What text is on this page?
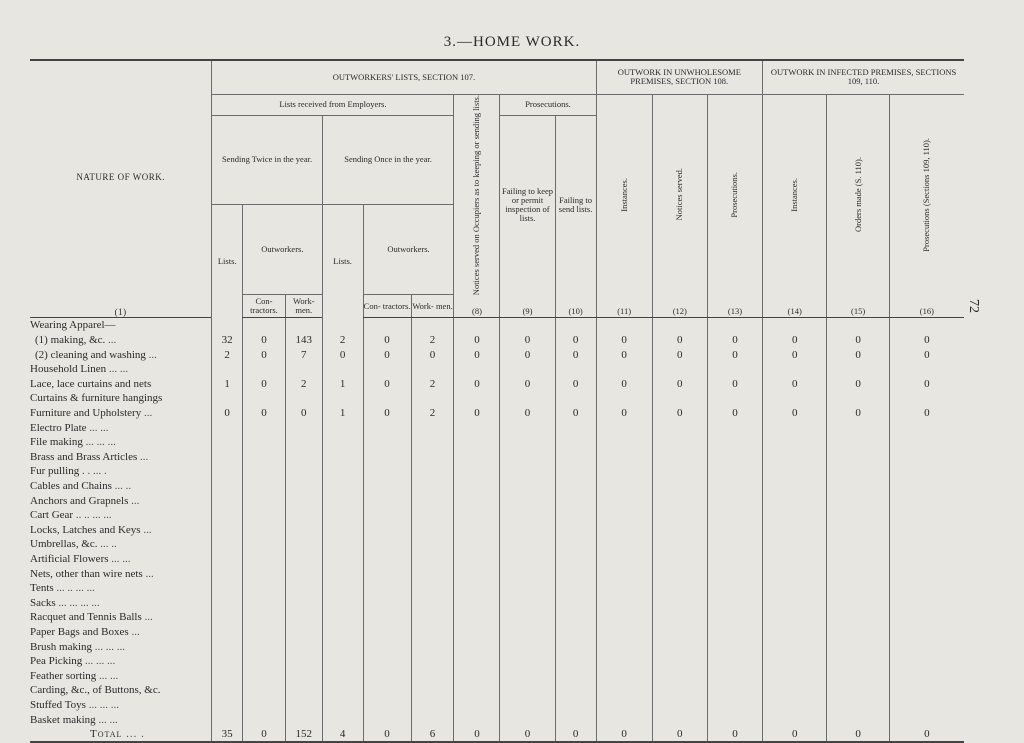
3.—HOME WORK.
72
NATURE OF WORK.	OUTWORKERS' LISTS, SECTION 107.									OUTWORK IN UNWHOLESOME PREMISES, SECTION 108.			OUTWORK IN INFECTED PREMISES, SECTIONS 109, 110.		
	Lists received from Employers.						Notices served on Occupiers as to keeping or sending lists.	Prosecutions.		Instances.	Notices served.	Prosecutions.	Instances.	Orders made (S. 110).	Prosecutions (Sections 109, 110).

	Sending Twice in the year.			Sending Once in the year.				Failing to keep or permit inspection of lists.	Failing to send lists.						
	Lists.	Outworkers.		Lists.	Outworkers.										
(1)		Con- tractors.	Work- men.		Con- tractors.	Work- men.	(8)	(9)	(10)	(11)	(12)	(13)	(14)	(15)	(16)
Wearing Apparel—															
(1) making, &c. ...	32	0	143	2	0	2	0	0	0	0	0	0	0	0	0
(2) cleaning and washing ...	2	0	7	0	0	0	0	0	0	0	0	0	0	0	0
Household Linen ... ...															
Lace, lace curtains and nets	1	0	2	1	0	2	0	0	0	0	0	0	0	0	0
Curtains & furniture hangings															
Furniture and Upholstery ...	0	0	0	1	0	2	0	0	0	0	0	0	0	0	0
Electro Plate ... ...															
File making ... ... ...															
Brass and Brass Articles ...															
Fur pulling . . ... .															
Cables and Chains ... ..															
Anchors and Grapnels ...															
Cart Gear .. .. ... ...															
Locks, Latches and Keys ...															
Umbrellas, &c. ... ..															
Artificial Flowers ... ...															
Nets, other than wire nets ...															
Tents ... .. ... ...															
Sacks ... ... ... ...															
Racquet and Tennis Balls ...															
Paper Bags and Boxes ...															
Brush making ... ... ...															
Pea Picking ... ... ...															
Feather sorting ... ...															
Carding, &c., of Buttons, &c.															
Stuffed Toys ... ... ...															
Basket making ... ...															
Total ... .	35	0	152	4	0	6	0	0	0	0	0	0	0	0	0
